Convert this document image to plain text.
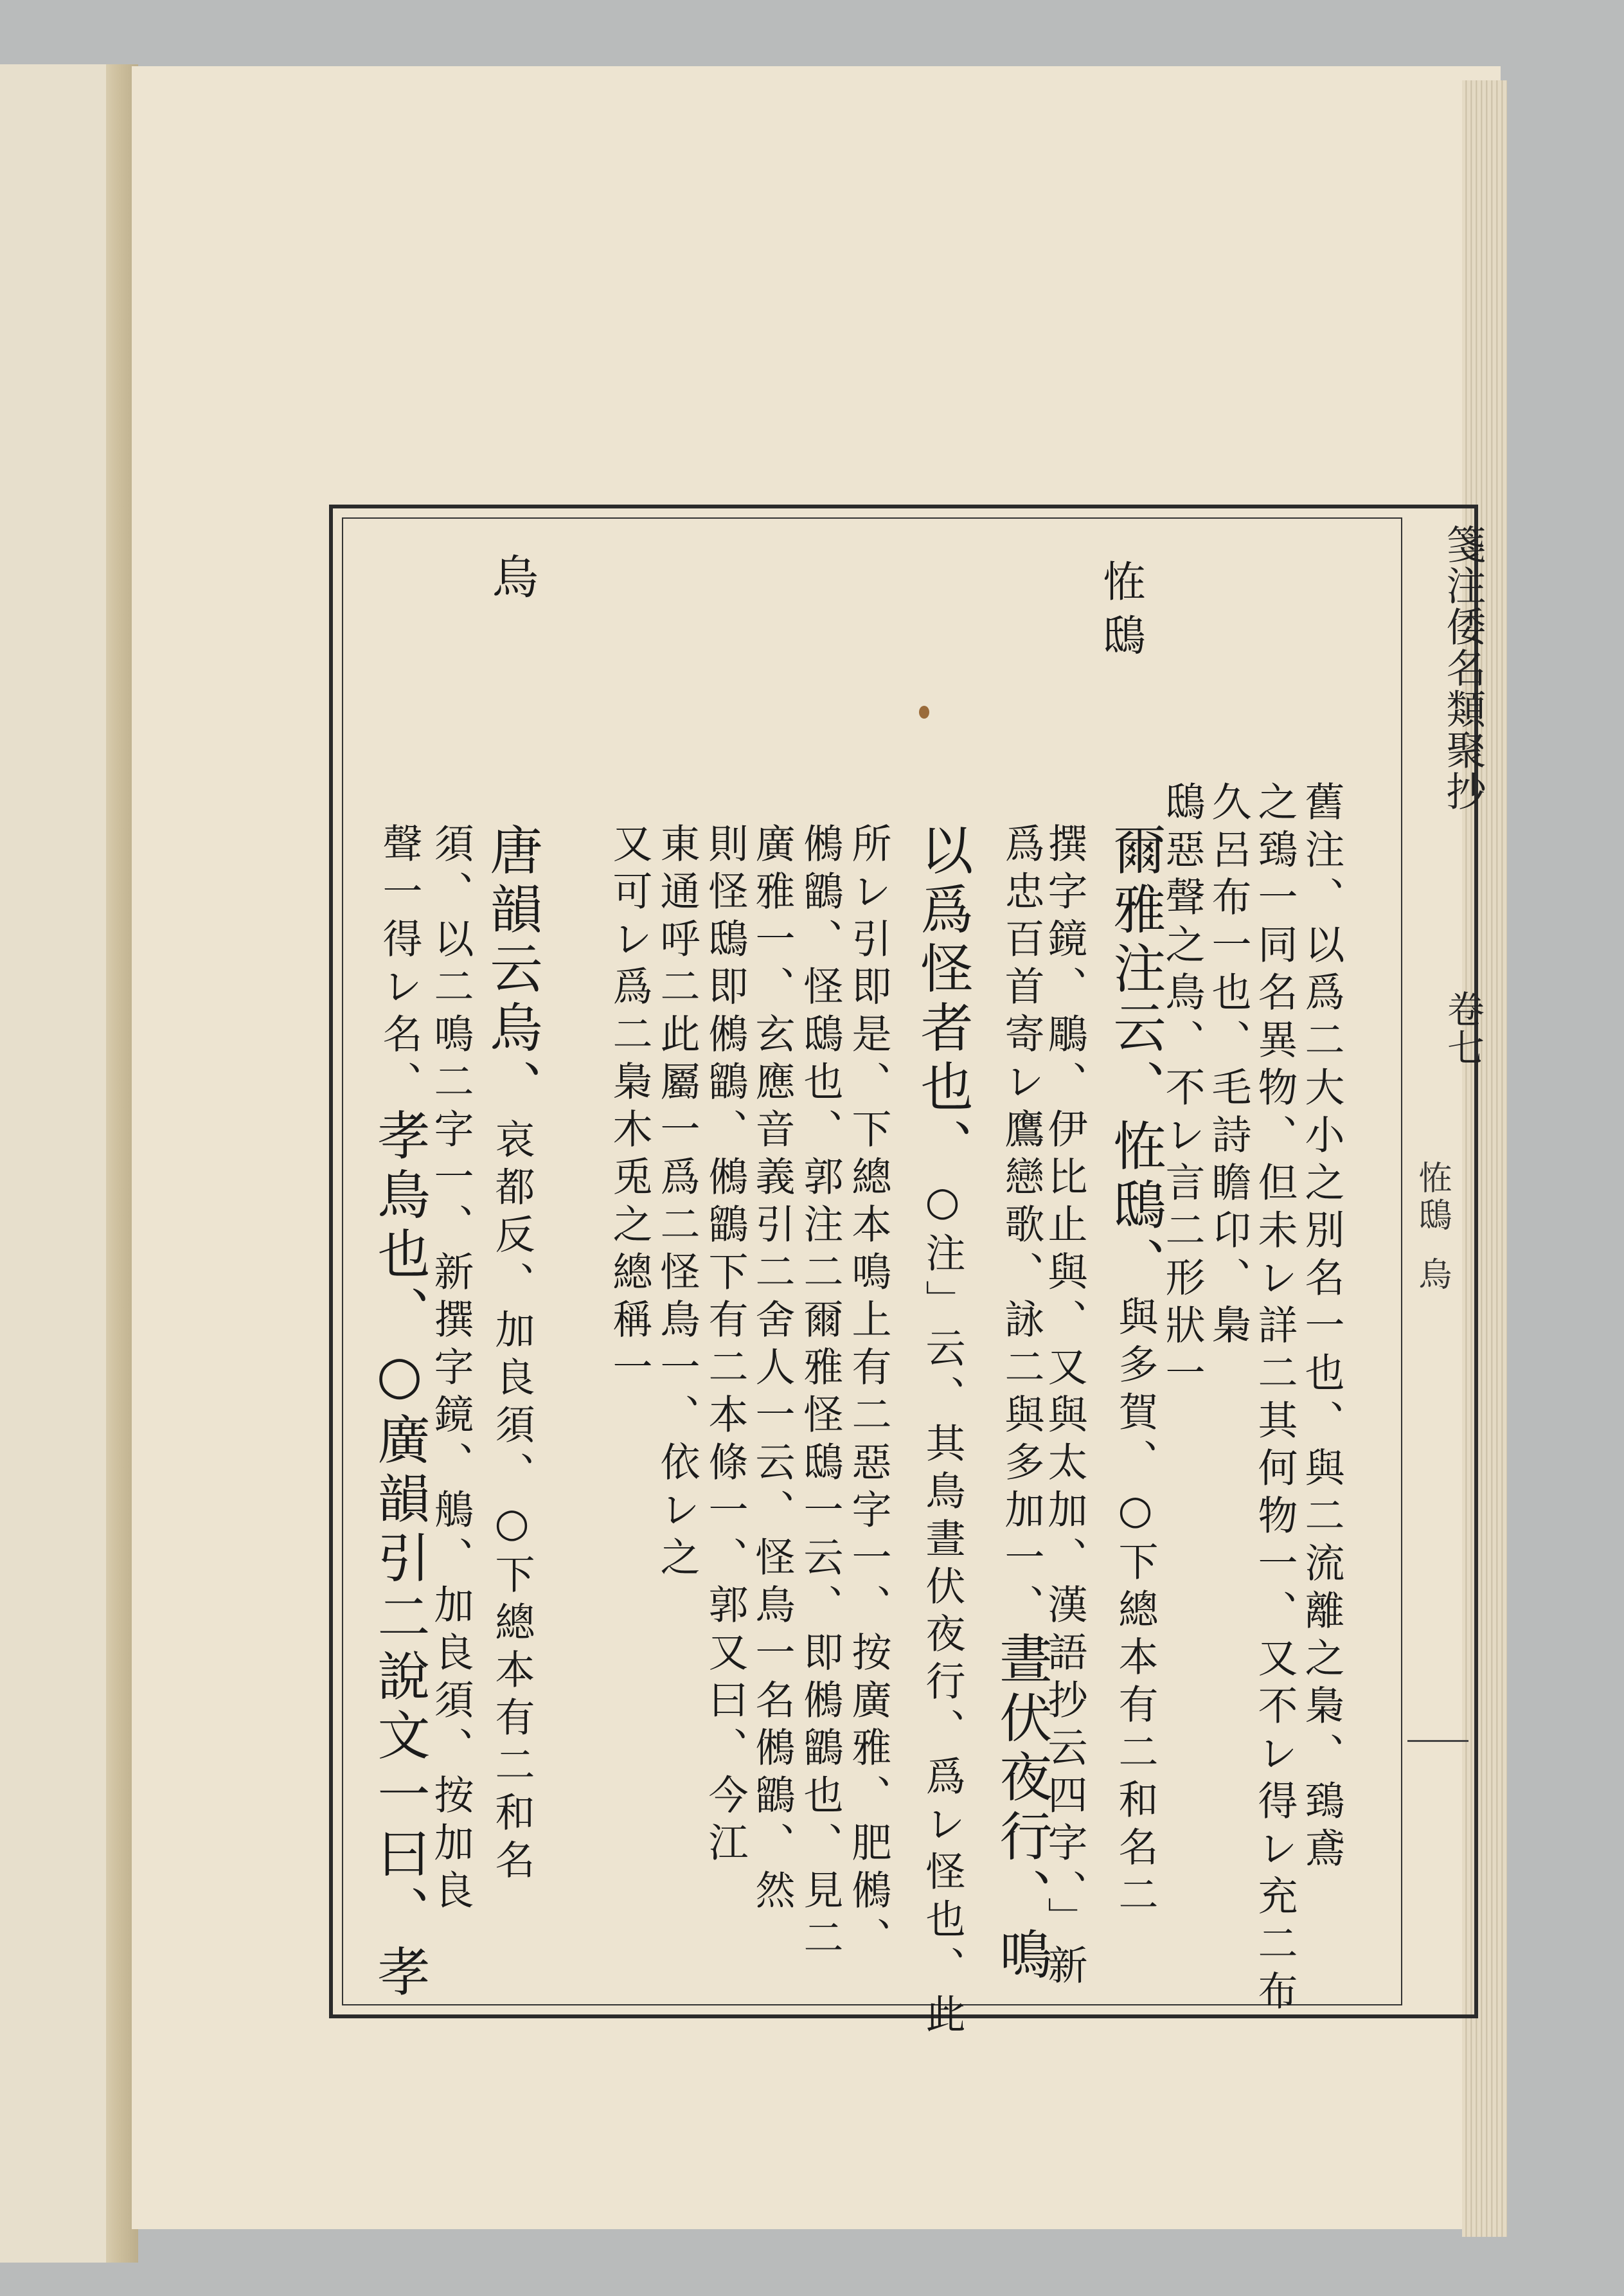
箋注倭名類聚抄
卷七
恠鴟
烏
舊注、以爲二大小之別名一也、與二流離之梟、鵄鳶
之鵄一同名異物、但未レ詳二其何物一、又不レ得レ充二布
久呂布一也、毛詩瞻卬、梟
鴟惡聲之鳥、不レ言二形狀一
恠鴟
爾雅注云、恠鴟、與多賀、○下總本有二和名二
撰字鏡、鵰、伊比止與、又與太加、漢語抄云四字、」新
爲忠百首寄レ鷹戀歌、詠二與多加一、晝伏夜行、鳴
以爲怪者也、○注」云、其鳥晝伏夜行、爲レ怪也、此
所レ引即是、下總本鳴上有二惡字一、按廣雅、肥鵂、
鵂鶹、怪鴟也、郭注二爾雅怪鴟一云、即鵂鶹也、見二
廣雅一、玄應音義引二舍人一云、怪鳥一名鵂鶹、然
則怪鴟即鵂鶹、鵂鶹下有二本條一、郭又曰、今江
東通呼二此屬一爲二怪鳥一、依レ之
又可レ爲二梟木兎之總稱一
唐韻云烏、哀都反、加良須、○下總本有二和名
須、以二鳴二字一、新撰字鏡、鵃、加良須、按加良
聲一得レ名、孝鳥也、○廣韻引二說文一曰、孝
烏
